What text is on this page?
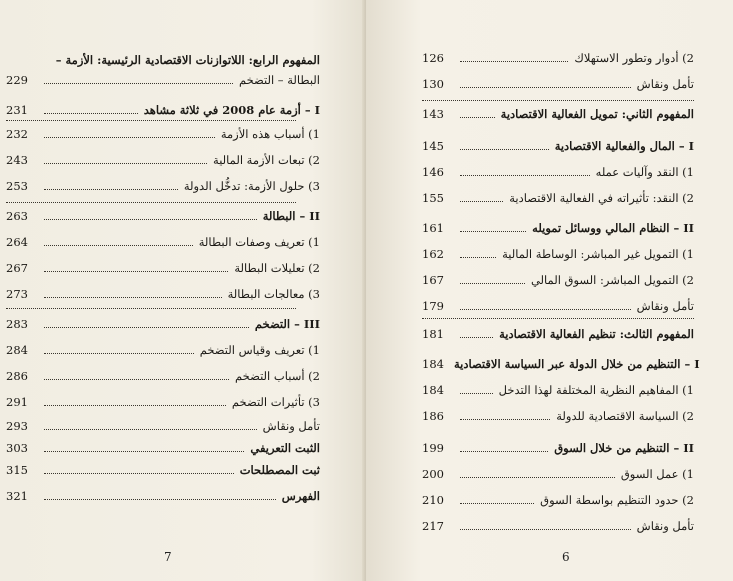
المفهوم الرابع: اللاتوازنات الاقتصادية الرئيسية: الأزمة –
229	البطالة – التضخم
231	I – أزمة عام 2008 في ثلاثة مشاهد
232	1) أسباب هذه الأزمة
243	2) تبعات الأزمة المالية
253	3) حلول الأزمة: تدخُّل الدولة
263	II – البطالة
264	1) تعريف وصفات البطالة
267	2) تعليلات البطالة
273	3) معالجات البطالة
283	III – التضخم
284	1) تعريف وقياس التضخم
286	2) أسباب التضخم
291	3) تأثيرات التضخم
293	تأمل ونقاش
303	الثبت التعريفي
315	ثبت المصطلحات
321	الفهرس
7
126	2) أدوار وتطور الاستهلاك
130	تأمل ونقاش
143	المفهوم الثاني: تمويل الفعالية الاقتصادية
145	I – المال والفعالية الاقتصادية
146	1) النقد وآليات عمله
155	2) النقد: تأثيراته في الفعالية الاقتصادية
161	II – النظام المالي ووسائل تمويله
162	1) التمويل غير المباشر: الوساطة المالية
167	2) التمويل المباشر: السوق المالي
179	تأمل ونقاش
181	المفهوم الثالث: تنظيم الفعالية الاقتصادية
184 I – التنظيم من خلال الدولة عبر السياسة الاقتصادية
184	1) المفاهيم النظرية المختلفة لهذا التدخل
186	2) السياسة الاقتصادية للدولة
199	II – التنظيم من خلال السوق
200	1) عمل السوق
210	2) حدود التنظيم بواسطة السوق
217	تأمل ونقاش
6
